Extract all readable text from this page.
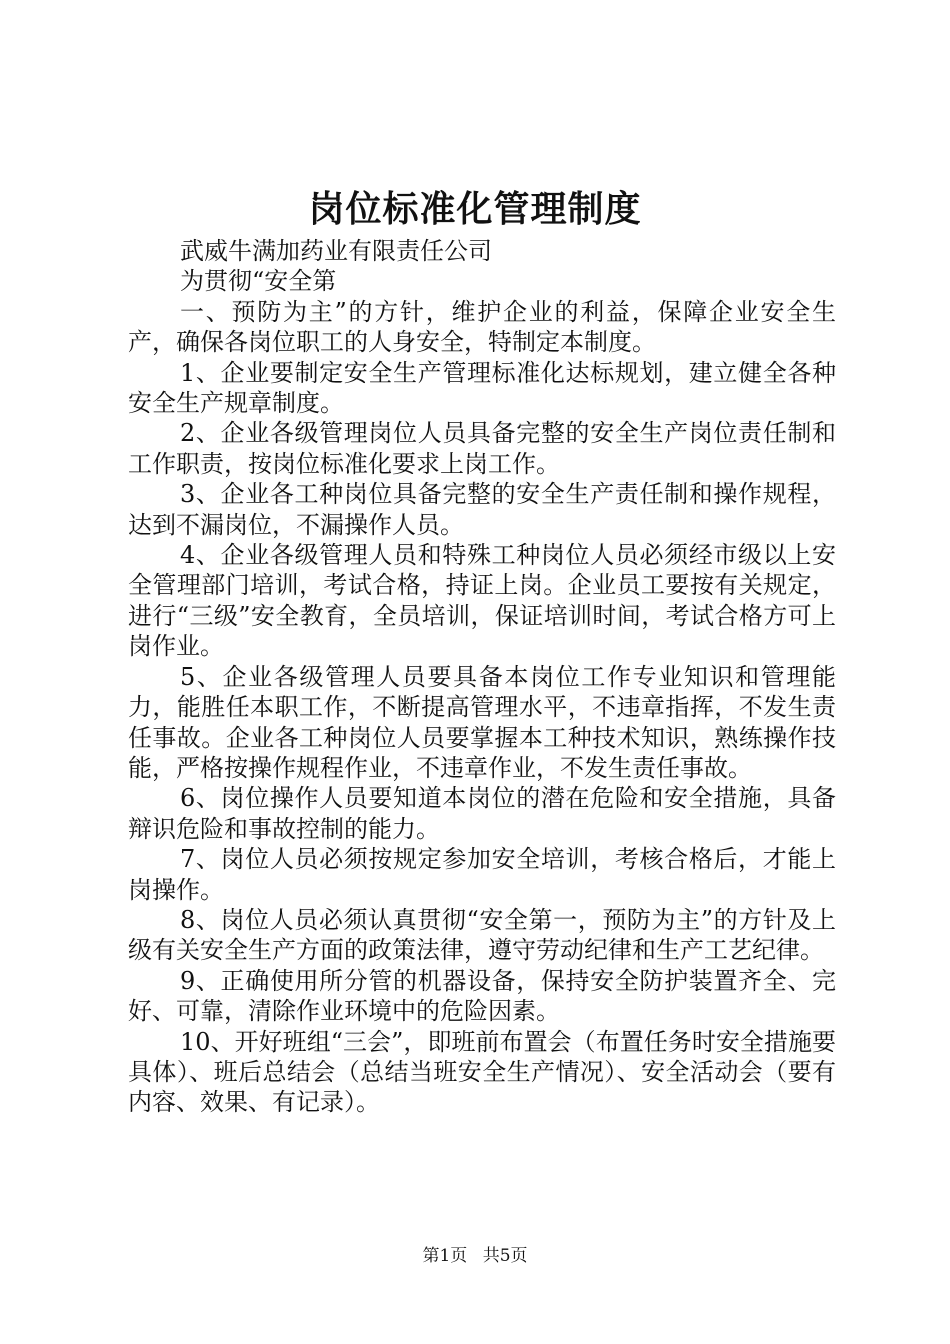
岗位标准化管理制度

武威牛满加药业有限责任公司

为贯彻“安全第

一、预防为主”的方针，维护企业的利益，保障企业安全生产，确保各岗位职工的人身安全，特制定本制度。

1、企业要制定安全生产管理标准化达标规划，建立健全各种安全生产规章制度。

2、企业各级管理岗位人员具备完整的安全生产岗位责任制和工作职责，按岗位标准化要求上岗工作。

3、企业各工种岗位具备完整的安全生产责任制和操作规程，达到不漏岗位，不漏操作人员。

4、企业各级管理人员和特殊工种岗位人员必须经市级以上安全管理部门培训，考试合格，持证上岗。企业员工要按有关规定，进行“三级”安全教育，全员培训，保证培训时间，考试合格方可上岗作业。

5、企业各级管理人员要具备本岗位工作专业知识和管理能力，能胜任本职工作，不断提高管理水平，不违章指挥，不发生责任事故。企业各工种岗位人员要掌握本工种技术知识，熟练操作技能，严格按操作规程作业，不违章作业，不发生责任事故。

6、岗位操作人员要知道本岗位的潜在危险和安全措施，具备辩识危险和事故控制的能力。

7、岗位人员必须按规定参加安全培训，考核合格后，才能上岗操作。

8、岗位人员必须认真贯彻“安全第一，预防为主”的方针及上级有关安全生产方面的政策法律，遵守劳动纪律和生产工艺纪律。

9、正确使用所分管的机器设备，保持安全防护装置齐全、完好、可靠，清除作业环境中的危险因素。

10、开好班组“三会”，即班前布置会（布置任务时安全措施要具体）、班后总结会（总结当班安全生产情况）、安全活动会（要有内容、效果、有记录）。

第1页 共5页
